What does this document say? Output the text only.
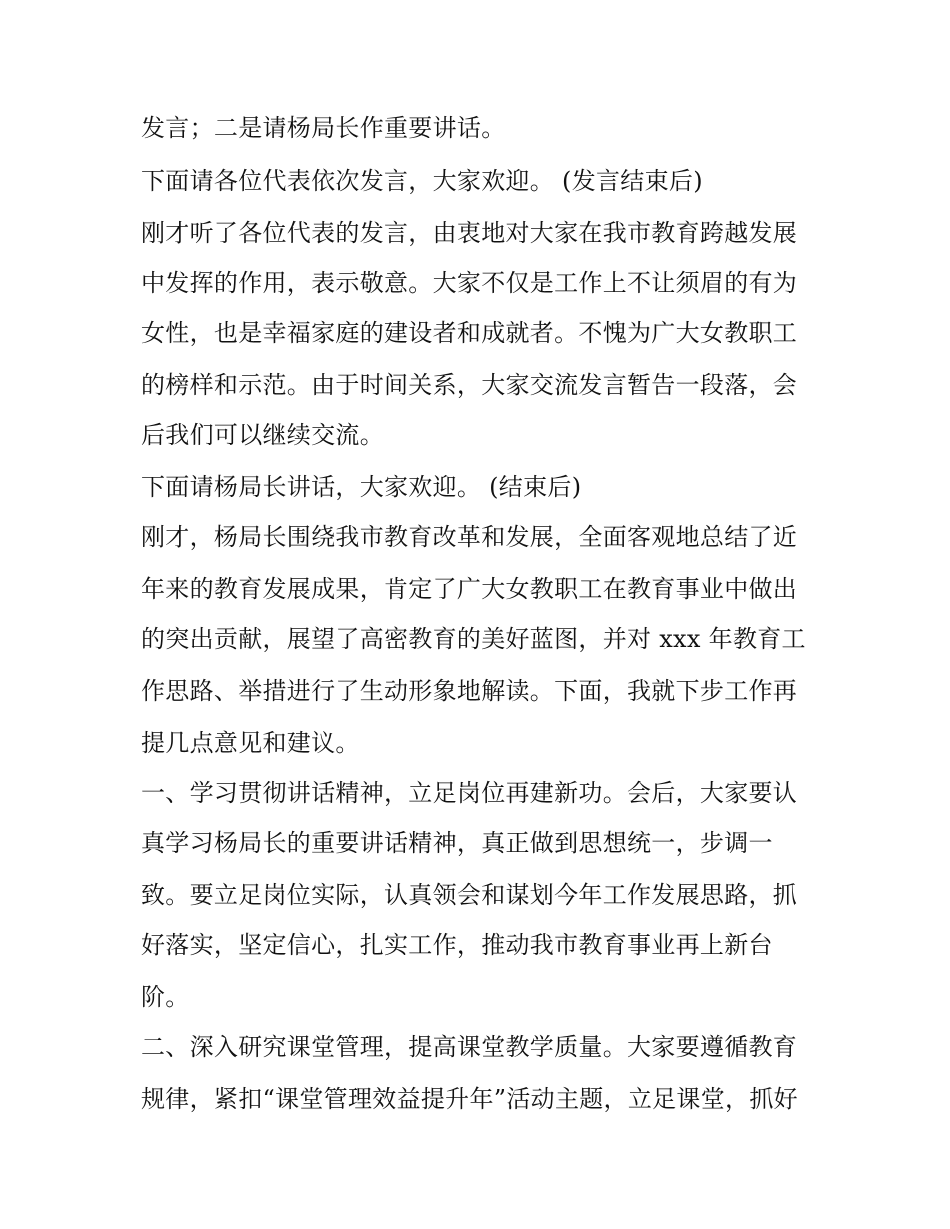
发言；二是请杨局长作重要讲话。
下面请各位代表依次发言，大家欢迎。 (发言结束后)
刚才听了各位代表的发言，由衷地对大家在我市教育跨越发展
中发挥的作用，表示敬意。大家不仅是工作上不让须眉的有为
女性，也是幸福家庭的建设者和成就者。不愧为广大女教职工
的榜样和示范。由于时间关系，大家交流发言暂告一段落，会
后我们可以继续交流。
下面请杨局长讲话，大家欢迎。 (结束后)
刚才，杨局长围绕我市教育改革和发展，全面客观地总结了近
年来的教育发展成果，肯定了广大女教职工在教育事业中做出
的突出贡献，展望了高密教育的美好蓝图，并对 xxx 年教育工
作思路、举措进行了生动形象地解读。下面，我就下步工作再
提几点意见和建议。
一、学习贯彻讲话精神，立足岗位再建新功。会后，大家要认
真学习杨局长的重要讲话精神，真正做到思想统一，步调一
致。要立足岗位实际，认真领会和谋划今年工作发展思路，抓
好落实，坚定信心，扎实工作，推动我市教育事业再上新台
阶。
二、深入研究课堂管理，提高课堂教学质量。大家要遵循教育
规律，紧扣“课堂管理效益提升年”活动主题，立足课堂，抓好
